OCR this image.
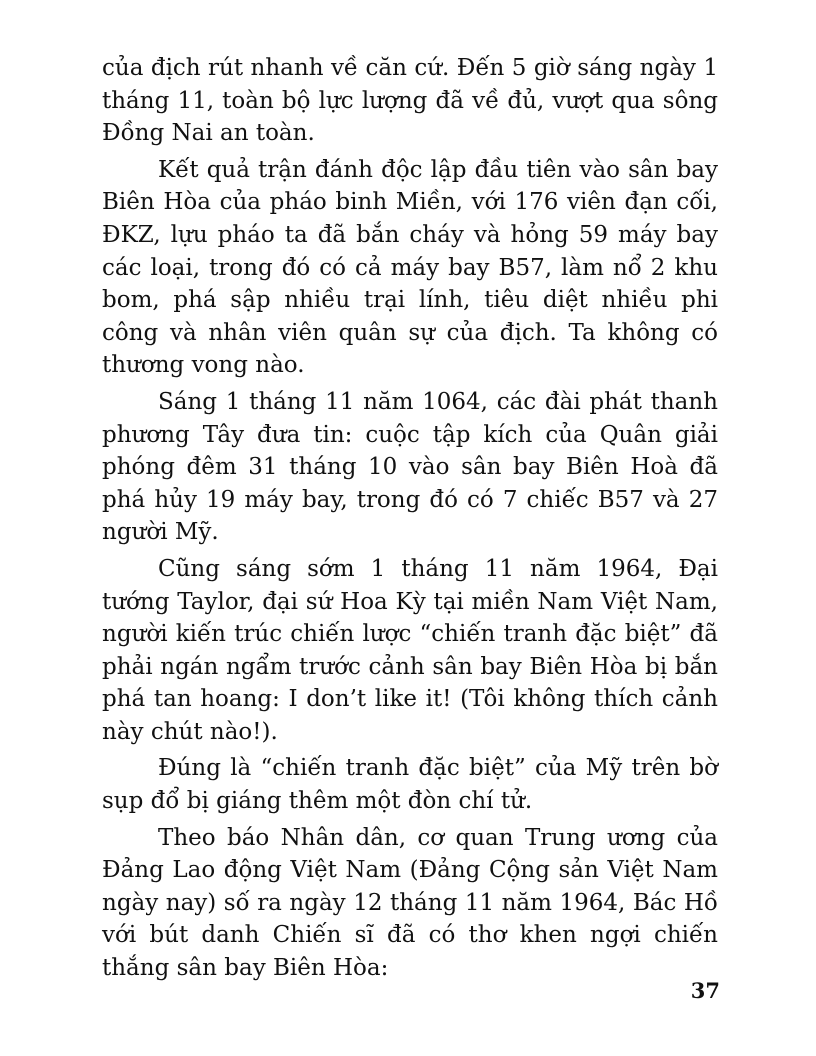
của địch rút nhanh về căn cứ. Đến 5 giờ sáng ngày 1 tháng 11, toàn bộ lực lượng đã về đủ, vượt qua sông Đồng Nai an toàn.

Kết quả trận đánh độc lập đầu tiên vào sân bay Biên Hòa của pháo binh Miền, với 176 viên đạn cối, ĐKZ, lựu pháo ta đã bắn cháy và hỏng 59 máy bay các loại, trong đó có cả máy bay B57, làm nổ 2 khu bom, phá sập nhiều trại lính, tiêu diệt nhiều phi công và nhân viên quân sự của địch. Ta không có thương vong nào.

Sáng 1 tháng 11 năm 1064, các đài phát thanh phương Tây đưa tin: cuộc tập kích của Quân giải phóng đêm 31 tháng 10 vào sân bay Biên Hoà đã phá hủy 19 máy bay, trong đó có 7 chiếc B57 và 27 người Mỹ.

Cũng sáng sớm 1 tháng 11 năm 1964, Đại tướng Taylor, đại sứ Hoa Kỳ tại miền Nam Việt Nam, người kiến trúc chiến lược “chiến tranh đặc biệt” đã phải ngán ngẩm trước cảnh sân bay Biên Hòa bị bắn phá tan hoang: I don’t like it! (Tôi không thích cảnh này chút nào!).

Đúng là “chiến tranh đặc biệt” của Mỹ trên bờ sụp đổ bị giáng thêm một đòn chí tử.

Theo báo Nhân dân, cơ quan Trung ương của Đảng Lao động Việt Nam (Đảng Cộng sản Việt Nam ngày nay) số ra ngày 12 tháng 11 năm 1964, Bác Hồ với bút danh Chiến sĩ đã có thơ khen ngợi chiến thắng sân bay Biên Hòa:

37
